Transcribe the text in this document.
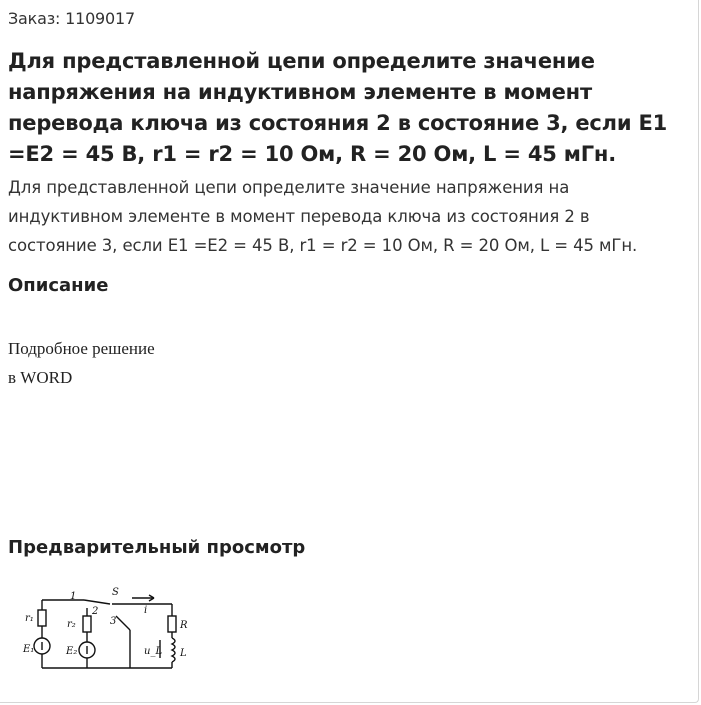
Заказ: 1109017
Для представленной цепи определите значение напряжения на индуктивном элементе в момент перевода ключа из состояния 2 в состояние 3, если E1 =E2 = 45 В, r1 = r2 = 10 Ом, R = 20 Ом, L = 45 мГн.

Для представленной цепи определите значение напряжения на индуктивном элементе в момент перевода ключа из состояния 2 в состояние 3, если E1 =E2 = 45 В, r1 = r2 = 10 Ом, R = 20 Ом, L = 45 мГн.

Описание

Подробное решение

в WORD

Предварительный просмотр
r₁
E₁
r₂
E₂
1
2
3
S
i
R
L
u_L
